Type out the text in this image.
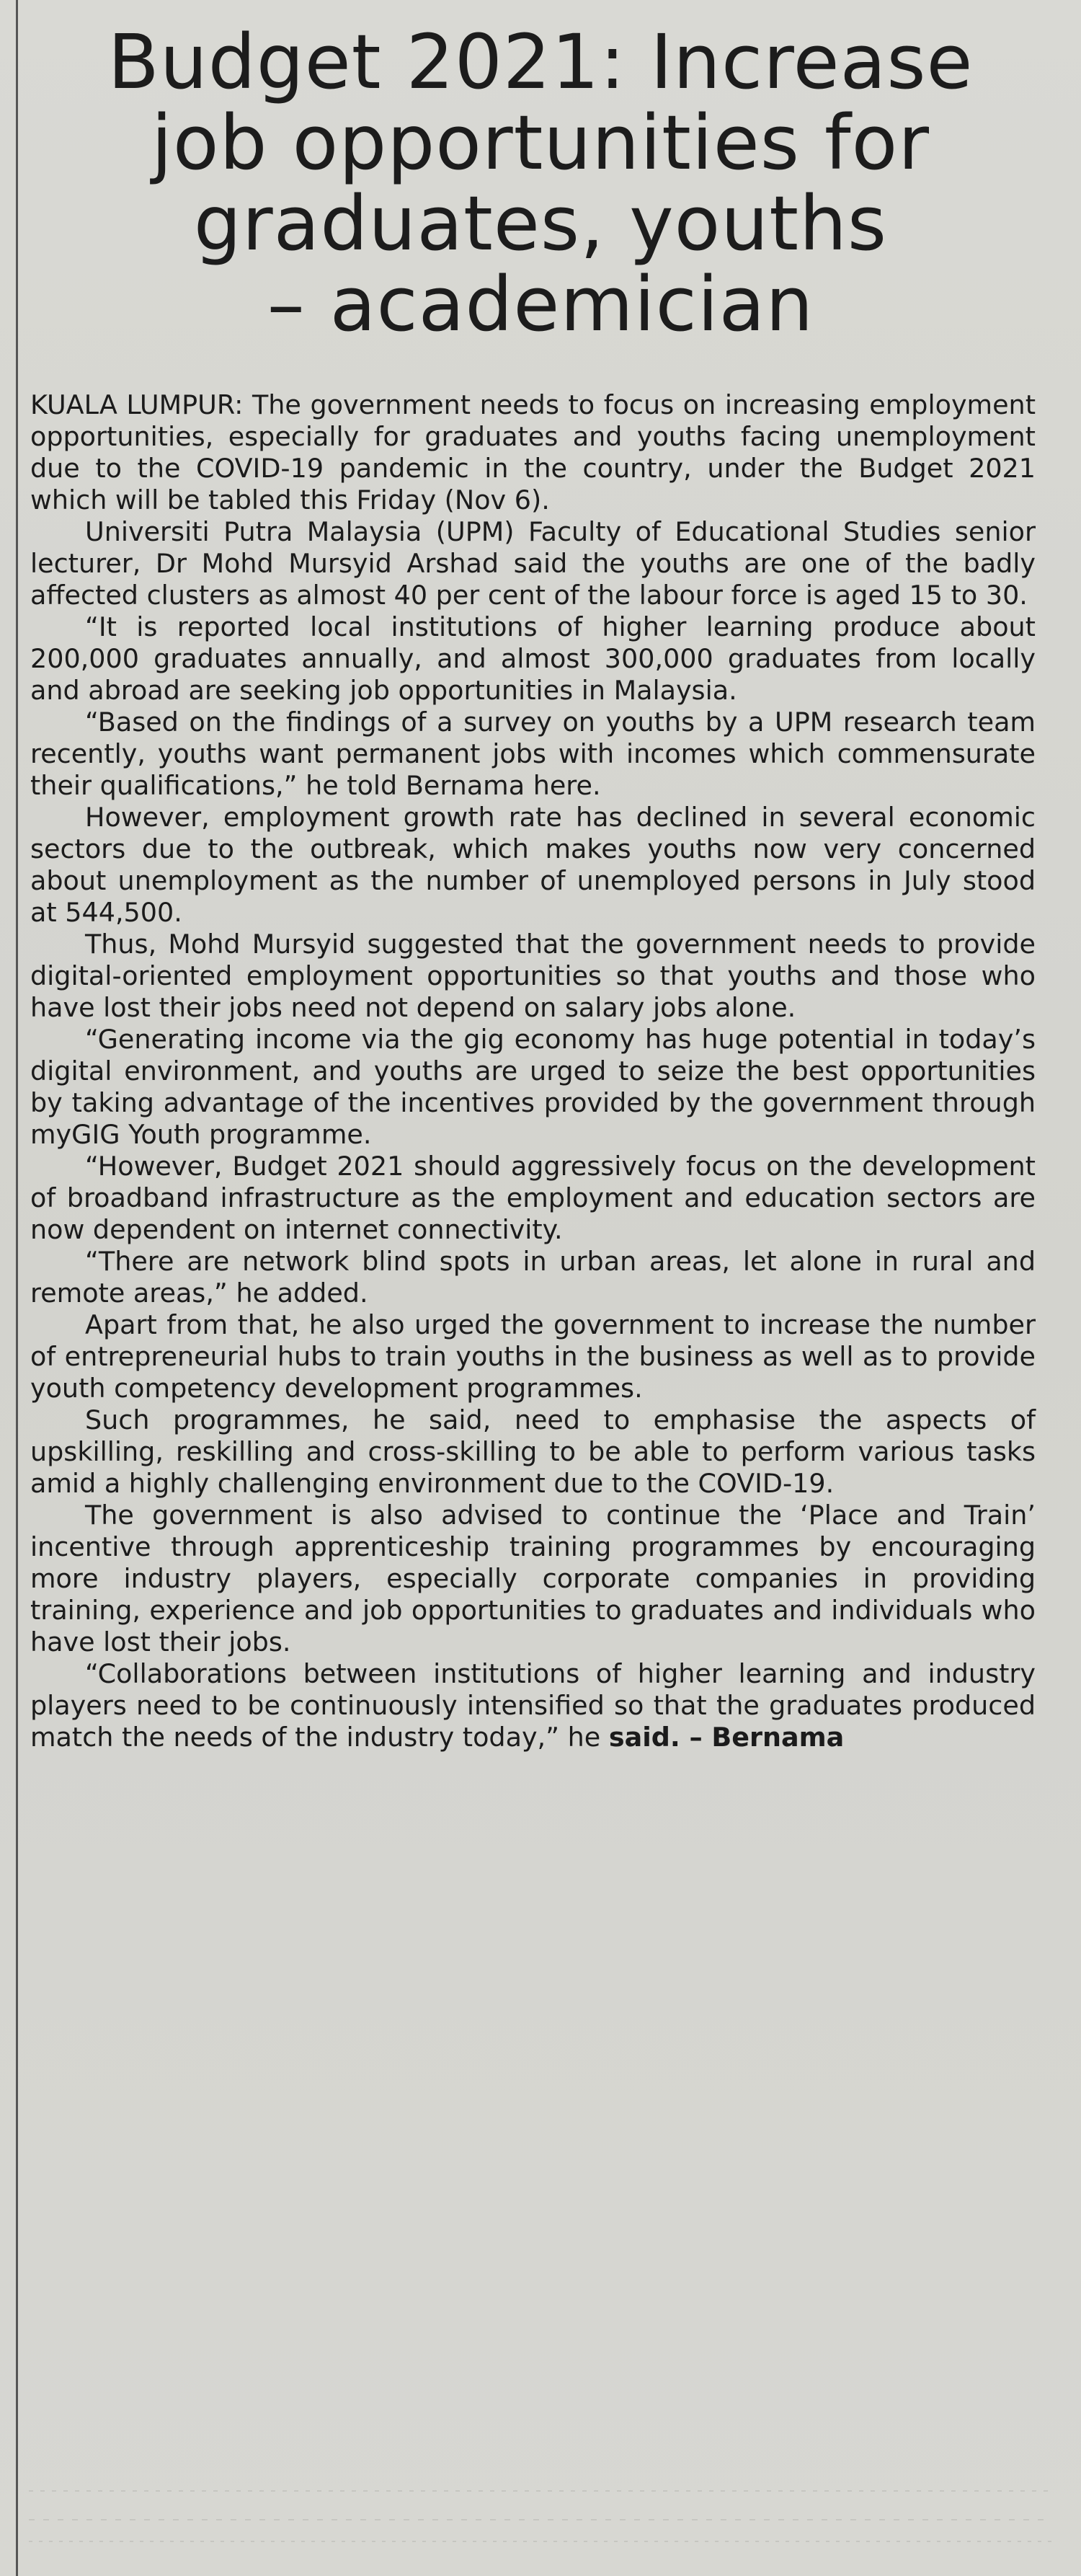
Budget 2021: Increase
job opportunities for
graduates, youths
– academician

KUALA LUMPUR: The government needs to focus on increasing employment opportunities, especially for graduates and youths facing unemployment due to the COVID-19 pandemic in the country, under the Budget 2021 which will be tabled this Friday (Nov 6).

Universiti Putra Malaysia (UPM) Faculty of Educational Studies senior lecturer, Dr Mohd Mursyid Arshad said the youths are one of the badly affected clusters as almost 40 per cent of the labour force is aged 15 to 30.

“It is reported local institutions of higher learning produce about 200,000 graduates annually, and almost 300,000 graduates from locally and abroad are seeking job opportunities in Malaysia.

“Based on the findings of a survey on youths by a UPM research team recently, youths want permanent jobs with incomes which commensurate their qualifications,” he told Bernama here.

However, employment growth rate has declined in several economic sectors due to the outbreak, which makes youths now very concerned about unemployment as the number of unemployed persons in July stood at 544,500.

Thus, Mohd Mursyid suggested that the government needs to provide digital-oriented employment opportunities so that youths and those who have lost their jobs need not depend on salary jobs alone.

“Generating income via the gig economy has huge potential in today’s digital environment, and youths are urged to seize the best opportunities by taking advantage of the incentives provided by the government through myGIG Youth programme.

“However, Budget 2021 should aggressively focus on the development of broadband infrastructure as the employment and education sectors are now dependent on internet connectivity.

“There are network blind spots in urban areas, let alone in rural and remote areas,” he added.

Apart from that, he also urged the government to increase the number of entrepreneurial hubs to train youths in the business as well as to provide youth competency development programmes.

Such programmes, he said, need to emphasise the aspects of upskilling, reskilling and cross-skilling to be able to perform various tasks amid a highly challenging environment due to the COVID-19.

The government is also advised to continue the ‘Place and Train’ incentive through apprenticeship training programmes by encouraging more industry players, especially corporate companies in providing training, experience and job opportunities to graduates and individuals who have lost their jobs.

“Collaborations between institutions of higher learning and industry players need to be continuously intensified so that the graduates produced match the needs of the industry today,” he said. – Bernama
